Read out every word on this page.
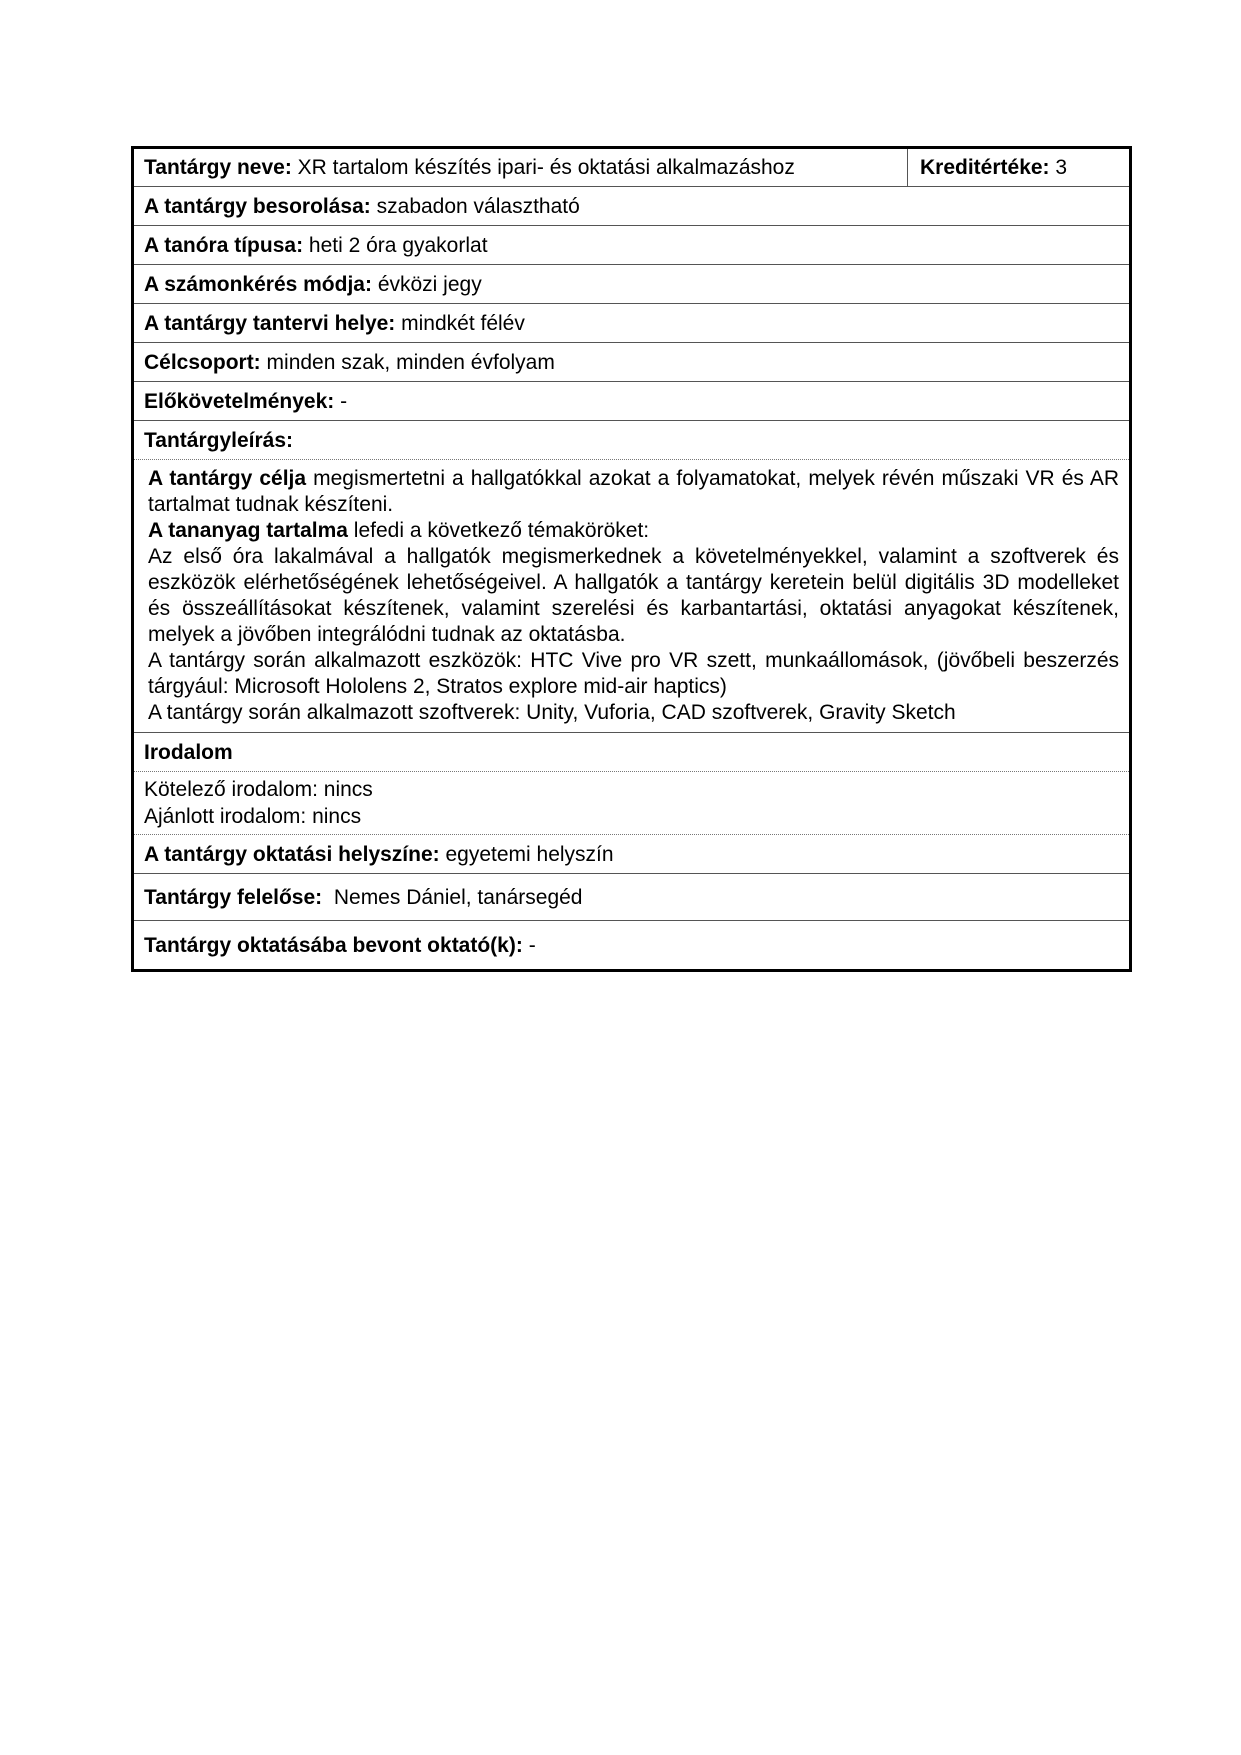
Tantárgy neve:
XR tartalom készítés ipari- és oktatási alkalmazáshoz	Kreditértéke:
3
A tantárgy besorolása:
szabadon választható
A tanóra típusa:
heti 2 óra gyakorlat
A számonkérés módja:
évközi jegy
A tantárgy tantervi helye:
mindkét félév
Célcsoport:
minden szak, minden évfolyam
Előkövetelmények:
-
Tantárgyleírás:

A tantárgy célja megismertetni a hallgatókkal azokat a folyamatokat, melyek révén műszaki VR és AR tartalmat tudnak készíteni.

A tananyag tartalma lefedi a következő témaköröket:

Az első óra lakalmával a hallgatók megismerkednek a követelményekkel, valamint a szoftverek és eszközök elérhetőségének lehetőségeivel. A hallgatók a tantárgy keretein belül digitális 3D modelleket és összeállításokat készítenek, valamint szerelési és karbantartási, oktatási anyagokat készítenek, melyek a jövőben integrálódni tudnak az oktatásba.

A tantárgy során alkalmazott eszközök: HTC Vive pro VR szett, munkaállomások, (jövőbeli beszerzés tárgyául: Microsoft Hololens 2, Stratos explore mid-air haptics)

A tantárgy során alkalmazott szoftverek: Unity, Vuforia, CAD szoftverek, Gravity Sketch

Irodalom
Kötelező irodalom: nincs
Ajánlott irodalom: nincs
A tantárgy oktatási helyszíne:
egyetemi helyszín
Tantárgy felelőse:
Nemes Dániel, tanársegéd
Tantárgy oktatásába bevont oktató(k):
-
